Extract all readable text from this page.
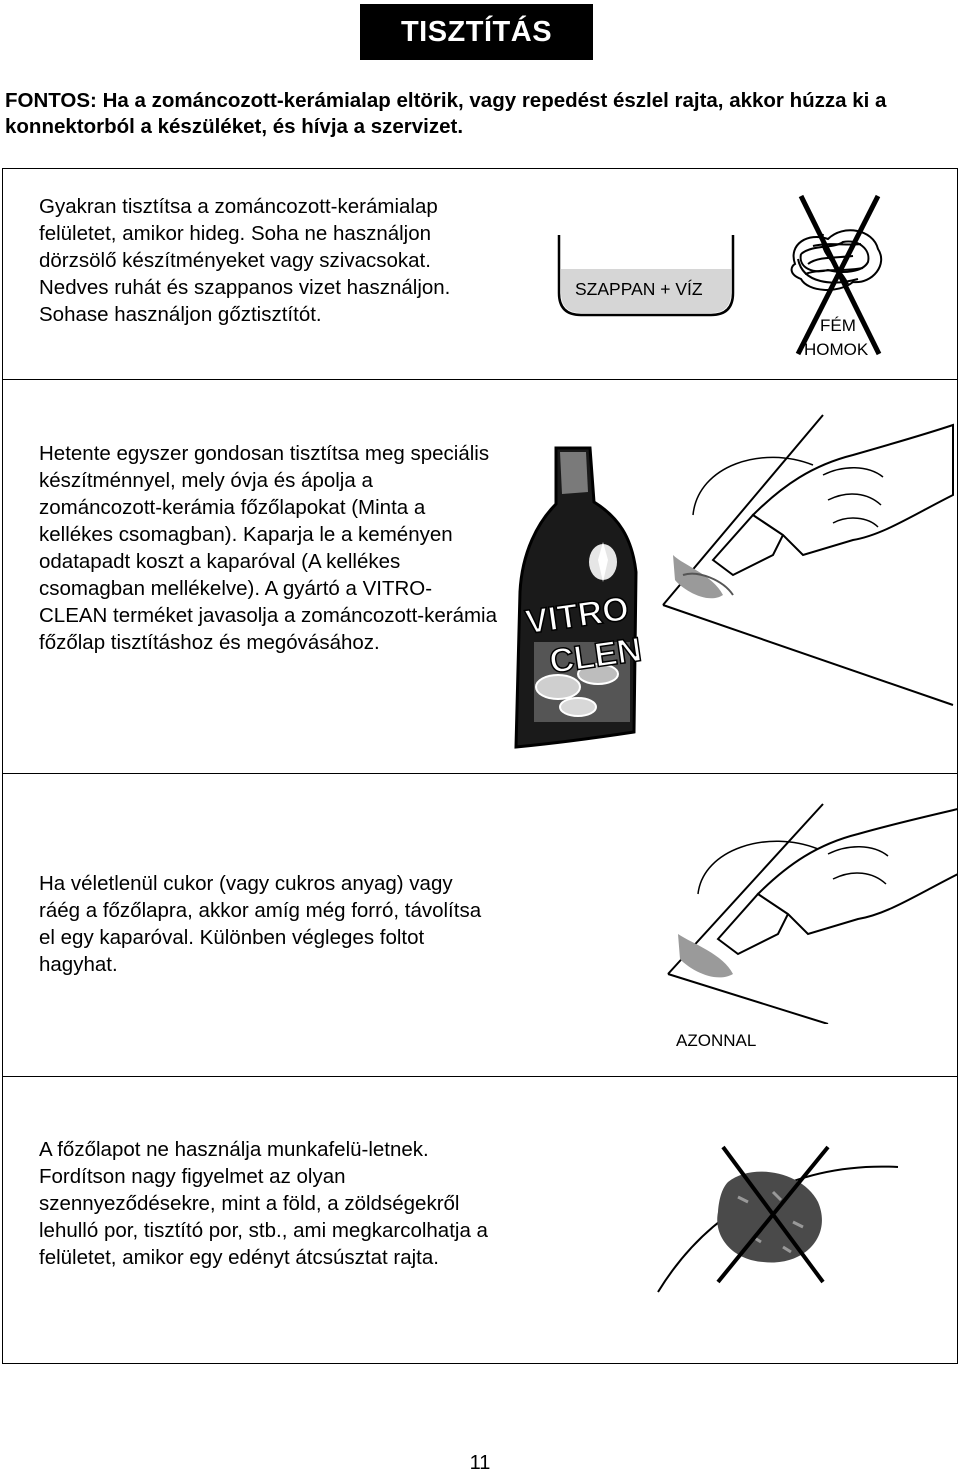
TISZTÍTÁS
FONTOS: Ha a zománcozott-kerámialap eltörik, vagy repedést észlel rajta, akkor húzza ki a konnektorból a készüléket, és hívja a szervizet.
Gyakran tisztítsa a zománcozott-kerámialap felületet, amikor hideg. Soha ne használjon dörzsölő készítményeket vagy szivacsokat. Nedves ruhát és szappanos vizet használjon. Sohase használjon gőztisztítót.
SZAPPAN + VÍZ
FÉM
HOMOK
Hetente egyszer gondosan tisztítsa meg speciális készítménnyel, mely óvja és ápolja a zománcozott-kerámia főzőlapokat (Minta a kellékes csomagban). Kaparja le a keményen odatapadt koszt a kaparóval (A kellékes csomagban mellékelve). A gyártó a VITRO-CLEAN terméket javasolja a zománcozott-kerámia főzőlap tisztításhoz és megóvásához.
VITRO
CLEN
Ha véletlenül cukor (vagy cukros anyag) vagy ráég a főzőlapra, akkor amíg még forró, távolítsa el egy kaparóval. Különben végleges foltot hagyhat.
AZONNAL
A főzőlapot ne használja munkafelü-letnek. Fordítson nagy figyelmet az olyan szennyeződésekre, mint a föld, a zöldségekről lehulló por, tisztító por, stb., ami megkarcolhatja a felületet, amikor egy edényt átcsúsztat rajta.
11
